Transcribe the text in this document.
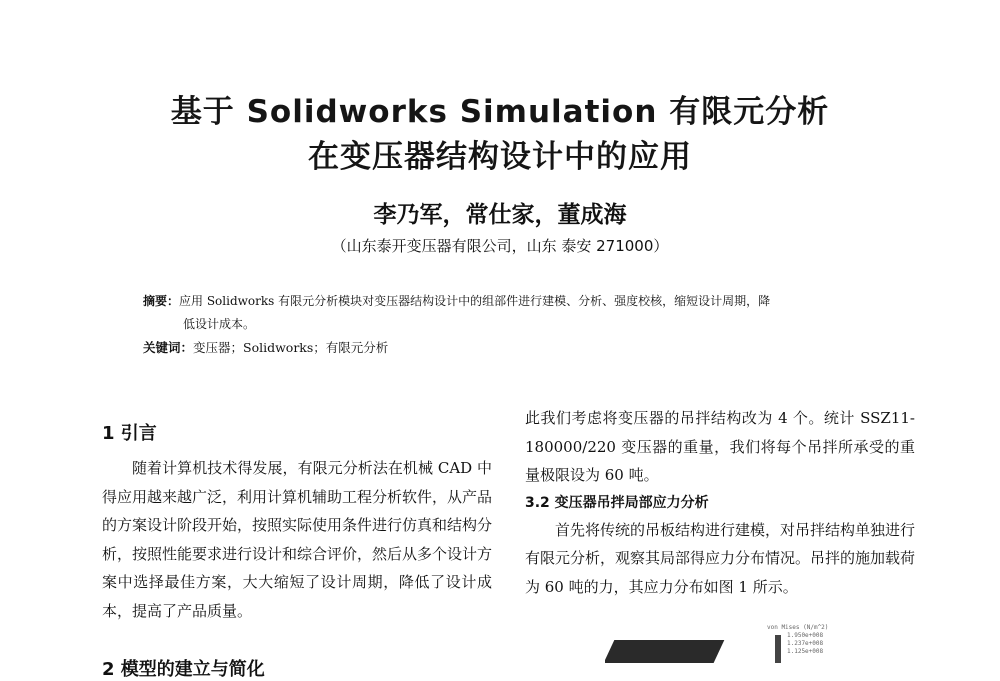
基于 Solidworks Simulation 有限元分析
在变压器结构设计中的应用
李乃军，常仕家，董成海
（山东泰开变压器有限公司，山东 泰安 271000）
摘要：应用 Solidworks 有限元分析模块对变压器结构设计中的组部件进行建模、分析、强度校核，缩短设计周期，降
低设计成本。
关键词：变压器；Solidworks；有限元分析
1 引言

随着计算机技术得发展，有限元分析法在机械 CAD 中得应用越来越广泛，利用计算机辅助工程分析软件，从产品的方案设计阶段开始，按照实际使用条件进行仿真和结构分析，按照性能要求进行设计和综合评价，然后从多个设计方案中选择最佳方案，大大缩短了设计周期，降低了设计成本，提高了产品质量。

此我们考虑将变压器的吊拌结构改为 4 个。统计 SSZ11-180000/220 变压器的重量，我们将每个吊拌所承受的重量极限设为 60 吨。

3.2 变压器吊拌局部应力分析

首先将传统的吊板结构进行建模，对吊拌结构单独进行有限元分析，观察其局部得应力分布情况。吊拌的施加载荷为 60 吨的力，其应力分布如图 1 所示。

von Mises (N/m^2)
1.950e+008
1.237e+008
1.125e+008
2 模型的建立与简化
